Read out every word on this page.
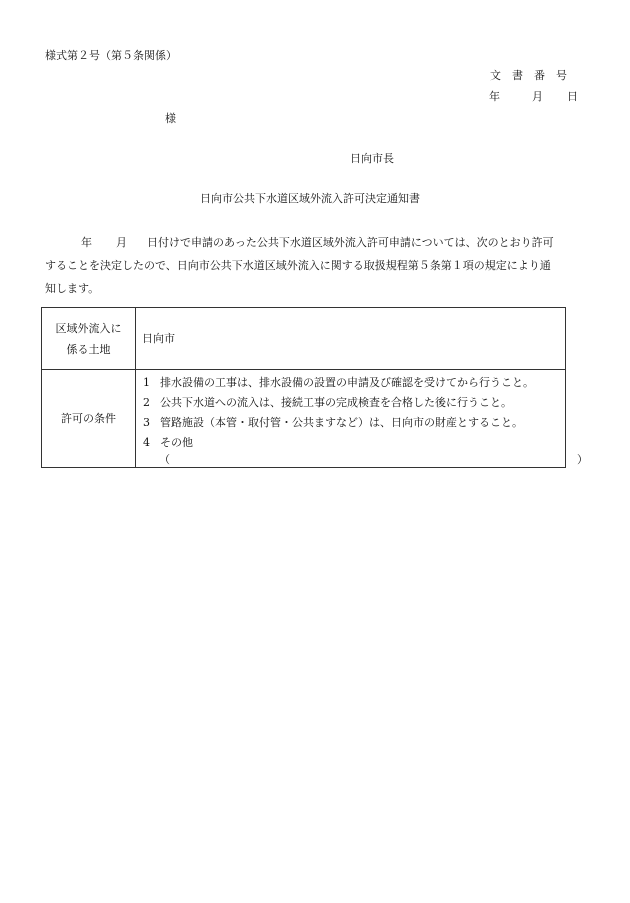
様式第２号（第５条関係）
文書番号
年	月 日
様
日向市長
日向市公共下水道区域外流入許可決定通知書
年 月 日付けで申請のあった公共下水道区域外流入許可申請については、次のとおり許可
することを決定したので、日向市公共下水道区域外流入に関する取扱規程第５条第１項の規定により通
知します。
区域外流入に
係る土地
日向市
許可の条件
1 排水設備の工事は、排水設備の設置の申請及び確認を受けてから行うこと。
2 公共下水道への流入は、接続工事の完成検査を合格した後に行うこと。
3 管路施設（本管・取付管・公共ますなど）は、日向市の財産とすること。
4 その他
（	）
